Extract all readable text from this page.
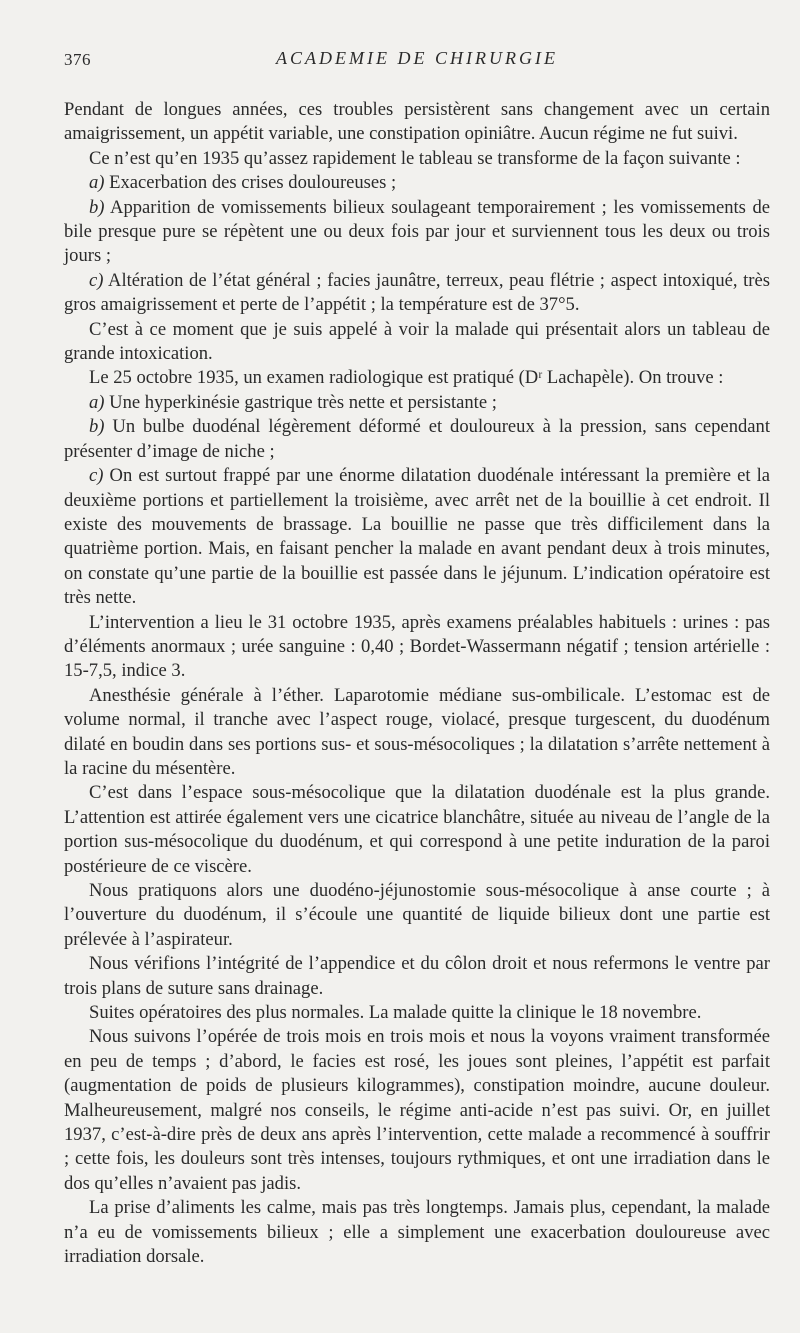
376	ACADEMIE DE CHIRURGIE

Pendant de longues années, ces troubles persistèrent sans changement avec un certain amaigrissement, un appétit variable, une constipation opiniâtre. Aucun régime ne fut suivi.

Ce n’est qu’en 1935 qu’assez rapidement le tableau se transforme de la façon suivante :

a) Exacerbation des crises douloureuses ;

b) Apparition de vomissements bilieux soulageant temporairement ; les vomissements de bile presque pure se répètent une ou deux fois par jour et surviennent tous les deux ou trois jours ;

c) Altération de l’état général ; facies jaunâtre, terreux, peau flétrie ; aspect intoxiqué, très gros amaigrissement et perte de l’appétit ; la température est de 37°5.

C’est à ce moment que je suis appelé à voir la malade qui présentait alors un tableau de grande intoxication.

Le 25 octobre 1935, un examen radiologique est pratiqué (Dʳ Lachapèle). On trouve :

a) Une hyperkinésie gastrique très nette et persistante ;

b) Un bulbe duodénal légèrement déformé et douloureux à la pression, sans cependant présenter d’image de niche ;

c) On est surtout frappé par une énorme dilatation duodénale intéressant la première et la deuxième portions et partiellement la troisième, avec arrêt net de la bouillie à cet endroit. Il existe des mouvements de brassage. La bouillie ne passe que très difficilement dans la quatrième portion. Mais, en faisant pencher la malade en avant pendant deux à trois minutes, on constate qu’une partie de la bouillie est passée dans le jéjunum. L’indication opératoire est très nette.

L’intervention a lieu le 31 octobre 1935, après examens préalables habituels : urines : pas d’éléments anormaux ; urée sanguine : 0,40 ; Bordet-Wassermann négatif ; tension artérielle : 15-7,5, indice 3.

Anesthésie générale à l’éther. Laparotomie médiane sus-ombilicale. L’estomac est de volume normal, il tranche avec l’aspect rouge, violacé, presque turgescent, du duodénum dilaté en boudin dans ses portions sus- et sous-mésocoliques ; la dilatation s’arrête nettement à la racine du mésentère.

C’est dans l’espace sous-mésocolique que la dilatation duodénale est la plus grande. L’attention est attirée également vers une cicatrice blanchâtre, située au niveau de l’angle de la portion sus-mésocolique du duodénum, et qui correspond à une petite induration de la paroi postérieure de ce viscère.

Nous pratiquons alors une duodéno-jéjunostomie sous-mésocolique à anse courte ; à l’ouverture du duodénum, il s’écoule une quantité de liquide bilieux dont une partie est prélevée à l’aspirateur.

Nous vérifions l’intégrité de l’appendice et du côlon droit et nous refermons le ventre par trois plans de suture sans drainage.

Suites opératoires des plus normales. La malade quitte la clinique le 18 novembre.

Nous suivons l’opérée de trois mois en trois mois et nous la voyons vraiment transformée en peu de temps ; d’abord, le facies est rosé, les joues sont pleines, l’appétit est parfait (augmentation de poids de plusieurs kilogrammes), constipation moindre, aucune douleur. Malheureusement, malgré nos conseils, le régime anti-acide n’est pas suivi. Or, en juillet 1937, c’est-à-dire près de deux ans après l’intervention, cette malade a recommencé à souffrir ; cette fois, les douleurs sont très intenses, toujours rythmiques, et ont une irradiation dans le dos qu’elles n’avaient pas jadis.

La prise d’aliments les calme, mais pas très longtemps. Jamais plus, cependant, la malade n’a eu de vomissements bilieux ; elle a simplement une exacerbation douloureuse avec irradiation dorsale.
